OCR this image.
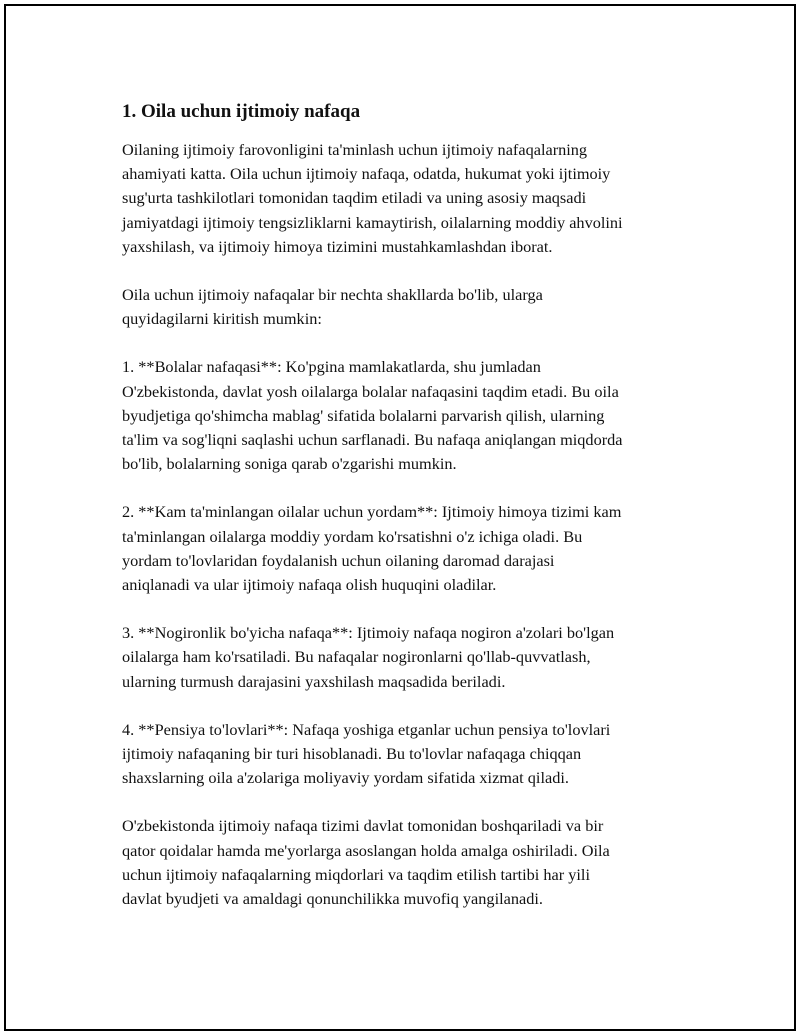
1. Oila uchun ijtimoiy nafaqa

Oilaning ijtimoiy farovonligini ta'minlash uchun ijtimoiy nafaqalarning
ahamiyati katta. Oila uchun ijtimoiy nafaqa, odatda, hukumat yoki ijtimoiy
sug'urta tashkilotlari tomonidan taqdim etiladi va uning asosiy maqsadi
jamiyatdagi ijtimoiy tengsizliklarni kamaytirish, oilalarning moddiy ahvolini
yaxshilash, va ijtimoiy himoya tizimini mustahkamlashdan iborat.

Oila uchun ijtimoiy nafaqalar bir nechta shakllarda bo'lib, ularga
quyidagilarni kiritish mumkin:

1. **Bolalar nafaqasi**: Ko'pgina mamlakatlarda, shu jumladan
O'zbekistonda, davlat yosh oilalarga bolalar nafaqasini taqdim etadi. Bu oila
byudjetiga qo'shimcha mablag' sifatida bolalarni parvarish qilish, ularning
ta'lim va sog'liqni saqlashi uchun sarflanadi. Bu nafaqa aniqlangan miqdorda
bo'lib, bolalarning soniga qarab o'zgarishi mumkin.

2. **Kam ta'minlangan oilalar uchun yordam**: Ijtimoiy himoya tizimi kam
ta'minlangan oilalarga moddiy yordam ko'rsatishni o'z ichiga oladi. Bu
yordam to'lovlaridan foydalanish uchun oilaning daromad darajasi
aniqlanadi va ular ijtimoiy nafaqa olish huquqini oladilar.

3. **Nogironlik bo'yicha nafaqa**: Ijtimoiy nafaqa nogiron a'zolari bo'lgan
oilalarga ham ko'rsatiladi. Bu nafaqalar nogironlarni qo'llab-quvvatlash,
ularning turmush darajasini yaxshilash maqsadida beriladi.

4. **Pensiya to'lovlari**: Nafaqa yoshiga etganlar uchun pensiya to'lovlari
ijtimoiy nafaqaning bir turi hisoblanadi. Bu to'lovlar nafaqaga chiqqan
shaxslarning oila a'zolariga moliyaviy yordam sifatida xizmat qiladi.

O'zbekistonda ijtimoiy nafaqa tizimi davlat tomonidan boshqariladi va bir
qator qoidalar hamda me'yorlarga asoslangan holda amalga oshiriladi. Oila
uchun ijtimoiy nafaqalarning miqdorlari va taqdim etilish tartibi har yili
davlat byudjeti va amaldagi qonunchilikka muvofiq yangilanadi.
